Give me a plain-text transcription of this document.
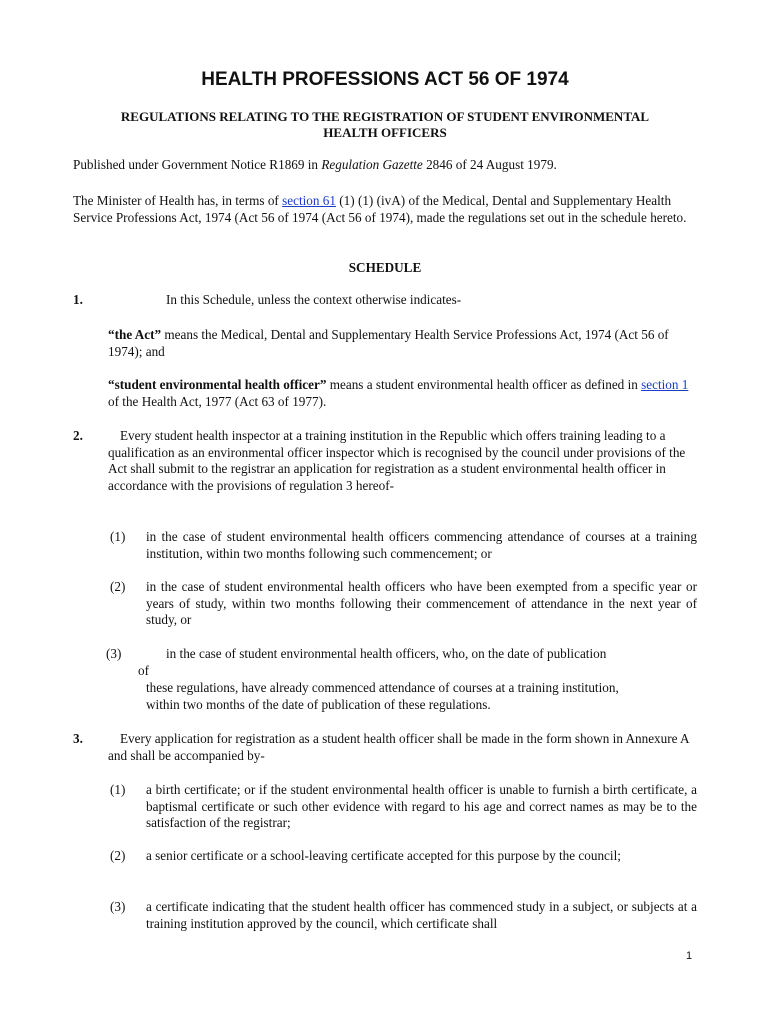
HEALTH PROFESSIONS ACT 56 OF 1974
REGULATIONS RELATING TO THE REGISTRATION OF STUDENT ENVIRONMENTAL HEALTH OFFICERS
Published under Government Notice R1869 in Regulation Gazette 2846 of 24 August 1979.
The Minister of Health has, in terms of section 61 (1) (1) (ivA) of the Medical, Dental and Supplementary Health Service Professions Act, 1974 (Act 56 of 1974 (Act 56 of 1974), made the regulations set out in the schedule hereto.
SCHEDULE
1.	In this Schedule, unless the context otherwise indicates-
“the Act” means the Medical, Dental and Supplementary Health Service Professions Act, 1974 (Act 56 of 1974); and
“student environmental health officer” means a student environmental health officer as defined in section 1 of the Health Act, 1977 (Act 63 of 1977).
2.	Every student health inspector at a training institution in the Republic which offers training leading to a qualification as an environmental officer inspector which is recognised by the council under provisions of the Act shall submit to the registrar an application for registration as a student environmental health officer in accordance with the provisions of regulation 3 hereof-
(1) in the case of student environmental health officers commencing attendance of courses at a training institution, within two months following such commencement; or
(2) in the case of student environmental health officers who have been exempted from a specific year or years of study, within two months following their commencement of attendance in the next year of study, or
(3)	in the case of student environmental health officers, who, on the date of publication
of
these regulations, have already commenced attendance of courses at a training institution, within two months of the date of publication of these regulations.
3.	Every application for registration as a student health officer shall be made in the form shown in Annexure A and shall be accompanied by-
(1) a birth certificate; or if the student environmental health officer is unable to furnish a birth certificate, a baptismal certificate or such other evidence with regard to his age and correct names as may be to the satisfaction of the registrar;
(2) a senior certificate or a school-leaving certificate accepted for this purpose by the council;
(3) a certificate indicating that the student health officer has commenced study in a subject, or subjects at a training institution approved by the council, which certificate shall
1
